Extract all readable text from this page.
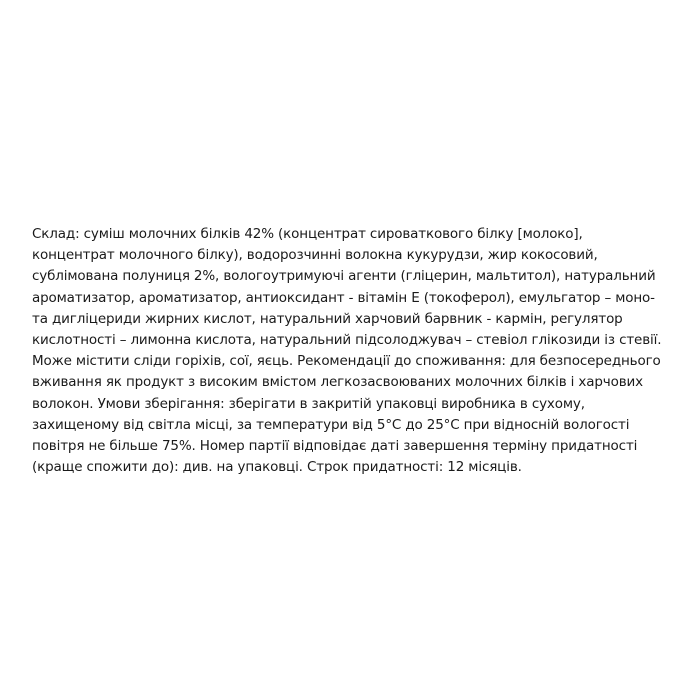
Склад: суміш молочних білків 42% (концентрат сироваткового білку [молоко],
концентрат молочного білку), водорозчинні волокна кукурудзи, жир кокосовий,
сублімована полуниця 2%, вологоутримуючі агенти (гліцерин, мальтитол), натуральний
ароматизатор, ароматизатор, антиоксидант - вітамін Е (токоферол), емульгатор – моно-
та дигліцериди жирних кислот, натуральний харчовий барвник - кармін, регулятор
кислотності – лимонна кислота, натуральний підсолоджувач – стевіол глікозиди із стевії.
Може містити сліди горіхів, сої, яєць. Рекомендації до споживання: для безпосереднього
вживання як продукт з високим вмістом легкозасвоюваних молочних білків і харчових
волокон. Умови зберігання: зберігати в закритій упаковці виробника в сухому,
захищеному від світла місці, за температури від 5°С до 25°С при відносній вологості
повітря не більше 75%. Номер партії відповідає даті завершення терміну придатності
(краще спожити до): див. на упаковці. Строк придатності: 12 місяців.
